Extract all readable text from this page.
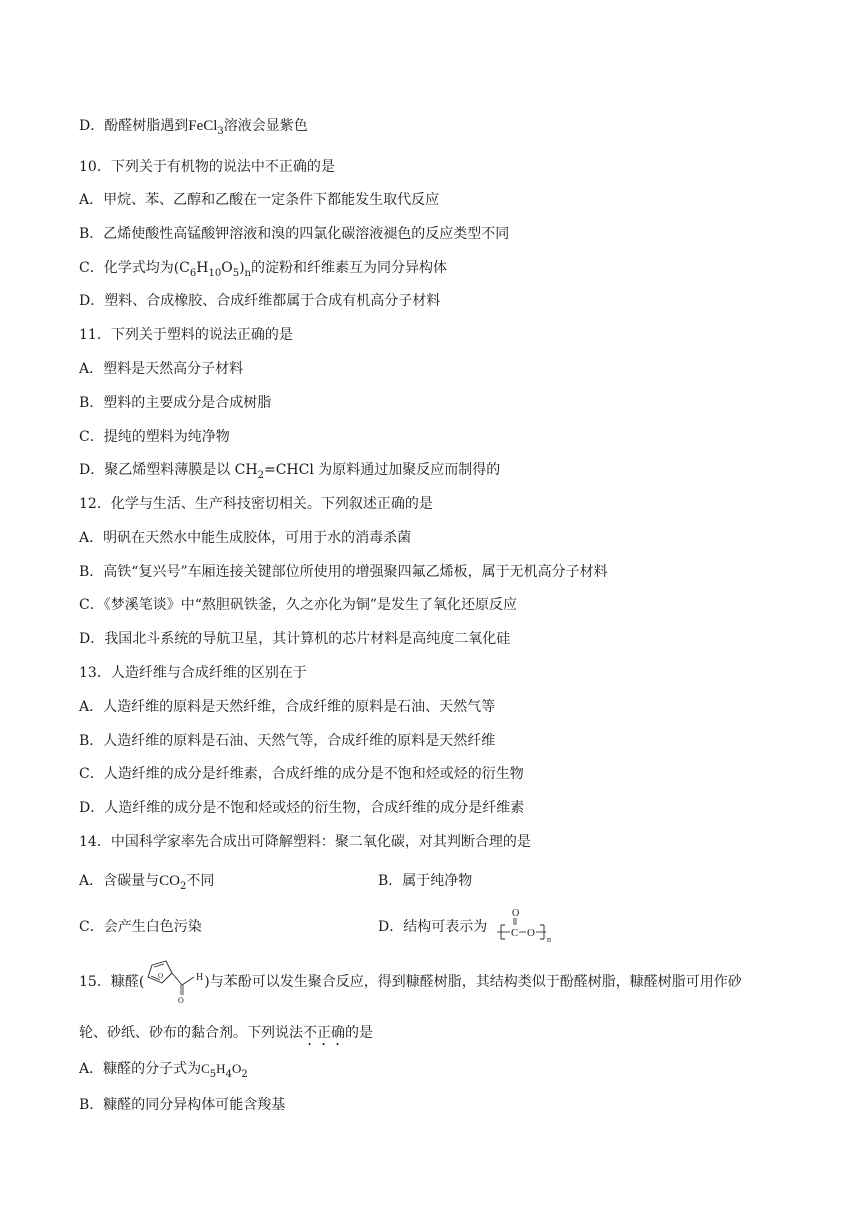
D．酚醛树脂遇到FeCl$_3$溶液会显紫色
10．下列关于有机物的说法中不正确的是
A．甲烷、苯、乙醇和乙酸在一定条件下都能发生取代反应
B．乙烯使酸性高锰酸钾溶液和溴的四氯化碳溶液褪色的反应类型不同
C．化学式均为$(C_6H_{10}O_5)_n$的淀粉和纤维素互为同分异构体
D．塑料、合成橡胶、合成纤维都属于合成有机高分子材料
11．下列关于塑料的说法正确的是
A．塑料是天然高分子材料
B．塑料的主要成分是合成树脂
C．提纯的塑料为纯净物
D．聚乙烯塑料薄膜是以 $CH_2=CHCl$ 为原料通过加聚反应而制得的
12．化学与生活、生产科技密切相关。下列叙述正确的是
A．明矾在天然水中能生成胶体，可用于水的消毒杀菌
B．高铁“复兴号”车厢连接关键部位所使用的增强聚四氟乙烯板，属于无机高分子材料
C．《梦溪笔谈》中“熬胆矾铁釜，久之亦化为铜”是发生了氧化还原反应
D．我国北斗系统的导航卫星，其计算机的芯片材料是高纯度二氧化硅
13．人造纤维与合成纤维的区别在于
A．人造纤维的原料是天然纤维，合成纤维的原料是石油、天然气等
B．人造纤维的原料是石油、天然气等，合成纤维的原料是天然纤维
C．人造纤维的成分是纤维素，合成纤维的成分是不饱和烃或烃的衍生物
D．人造纤维的成分是不饱和烃或烃的衍生物，合成纤维的成分是纤维素
14．中国科学家率先合成出可降解塑料：聚二氧化碳，对其判断合理的是
A．含碳量与$CO_2$不同	B．属于纯净物
C．会产生白色污染	D．结构可表示为
O
C O
n
15．糠醛(	)与苯酚可以发生聚合反应，得到糠醛树脂，其结构类似于酚醛树脂，糠醛树脂可用作砂
O
O
H
轮、砂纸、砂布的黏合剂。下列说法不正确的是
A．糠醛的分子式为$C_5H_4O_2$
B．糠醛的同分异构体可能含羧基
